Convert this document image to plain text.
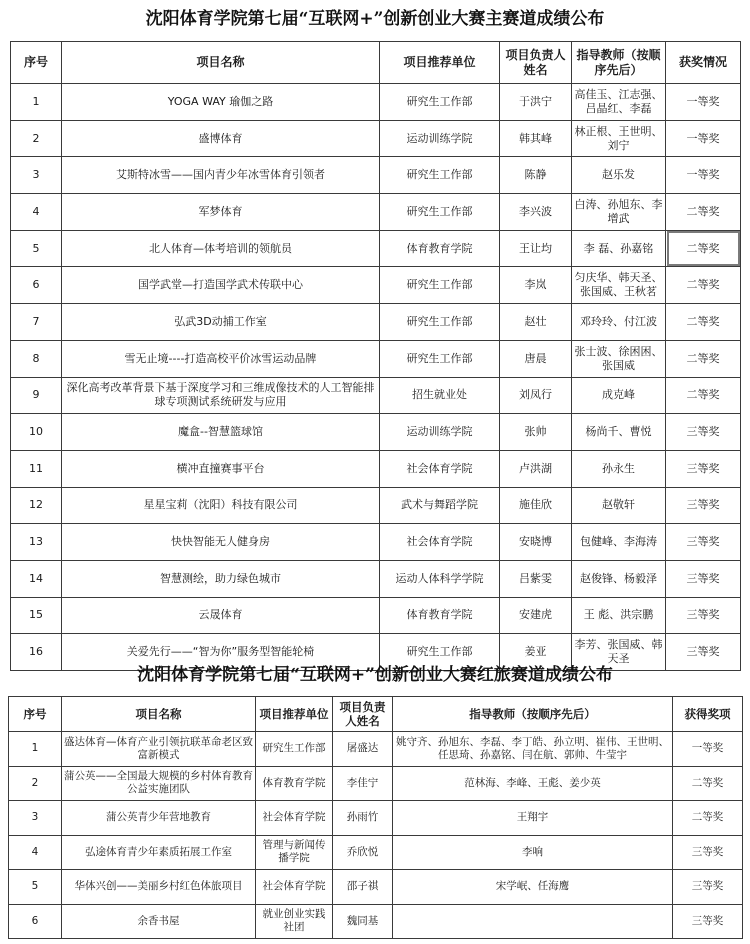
沈阳体育学院第七届“互联网+”创新创业大赛主赛道成绩公布
序号	项目名称	项目推荐单位	项目负责人姓名	指导教师（按顺序先后）	获奖情况
1	YOGA WAY 瑜伽之路	研究生工作部	于洪宁	高佳玉、江志强、吕晶红、李磊	一等奖
2	盛博体育	运动训练学院	韩其峰	林正根、王世明、刘宁	一等奖
3	艾斯特冰雪——国内青少年冰雪体育引领者	研究生工作部	陈静	赵乐发	一等奖
4	军梦体育	研究生工作部	李兴波	白涛、孙旭东、李增武	二等奖
5	北人体育—体考培训的领航员	体育教育学院	王让均	李 磊、孙嘉铭	二等奖
6	国学武堂—打造国学武术传联中心	研究生工作部	李岚	匀庆华、韩天圣、张国威、王秋茗	二等奖
7	弘武3D动捕工作室	研究生工作部	赵壮	邓玲玲、付江波	二等奖
8	雪无止境----打造高校平价冰雪运动品牌	研究生工作部	唐晨	张士波、徐困困、张国威	二等奖
9	深化高考改革背景下基于深度学习和三维成像技术的人工智能排球专项测试系统研发与应用	招生就业处	刘凤行	成克峰	二等奖
10	魔盒--智慧篮球馆	运动训练学院	张帅	杨尚千、曹悦	三等奖
11	横冲直撞赛事平台	社会体育学院	卢洪湖	孙永生	三等奖
12	星星宝莉（沈阳）科技有限公司	武术与舞蹈学院	施佳欣	赵敬轩	三等奖
13	快快智能无人健身房	社会体育学院	安晓博	包健峰、李海涛	三等奖
14	智慧测绘，助力绿色城市	运动人体科学学院	吕紫雯	赵俊锋、杨毅泽	三等奖
15	云晟体育	体育教育学院	安建虎	王 彪、洪宗鹏	三等奖
16	关爱先行——“智为你”服务型智能轮椅	研究生工作部	姜亚	李芳、张国威、韩天圣	三等奖
沈阳体育学院第七届“互联网+”创新创业大赛红旅赛道成绩公布
序号	项目名称	项目推荐单位	项目负责人姓名	指导教师（按顺序先后）	获得奖项
1	盛达体育—体育产业引领抗联革命老区致富新模式	研究生工作部	屠盛达	姚守齐、孙旭东、李磊、李丁皓、孙立明、崔伟、王世明、任思琦、孙嘉铭、闫在航、郭帅、牛莹宇	一等奖
2	蒲公英——全国最大规模的乡村体育教育公益实施团队	体育教育学院	李佳宁	范林海、李峰、王彪、姜少英	二等奖
3	蒲公英青少年营地教育	社会体育学院	孙雨竹	王翔宇	二等奖
4	弘途体育青少年素质拓展工作室	管理与新闻传播学院	乔欣悦	李响	三等奖
5	华体兴创——美丽乡村红色体旅项目	社会体育学院	邵子祺	宋学岷、任海鹰	三等奖
6	余香书屋	就业创业实践社团	魏同基		三等奖
